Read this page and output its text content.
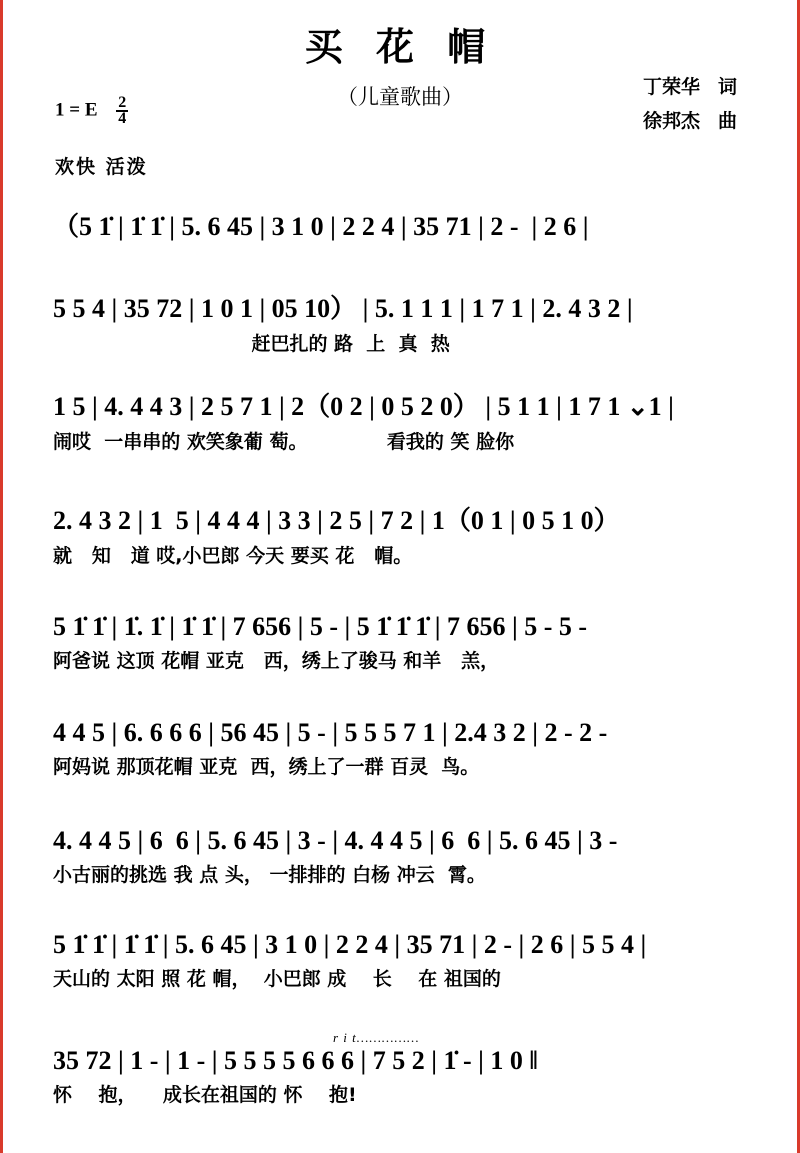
买 花 帽
（儿童歌曲）	丁荣华 词
徐邦杰 曲
1 = E $\frac{2}{4}$
欢快 活泼
（5 1̇ | 1̇ 1̇ | 5. 6 45 | 3 1 0 | 2 2 4 | 35 71 | 2 -  | 2 6 |
5 5 4 | 35 72 | 1 0 1 | 05 10） | 5. 1 1 1 | 1 7 1 | 2. 4 3 2 |
赶巴扎的 路  上  真  热
1 5 | 4. 4 4 3 | 2 5 7 1 | 2（0 2 | 0 5 2 0） | 5 1 1 | 1 7 1 ⌄1 |
闹哎  一串串的 欢笑象葡 萄。            看我的 笑 脸你
2. 4 3 2 | 1  5 | 4 4 4 | 3 3 | 2 5 | 7 2 | 1（0 1 | 0 5 1 0）
就   知   道 哎,小巴郎 今天 要买 花   帽。
5 1̇ 1̇ | 1̇. 1̇ | 1̇ 1̇ | 7 656 | 5 - | 5 1̇ 1̇ 1̇ | 7 656 | 5 - 5 -
阿爸说 这顶 花帽 亚克   西，绣上了骏马 和羊   羔，
4 4 5 | 6. 6 6 6 | 56 45 | 5 - | 5 5 5 7 1 | 2.4 3 2 | 2 - 2 -
阿妈说 那顶花帽 亚克  西，绣上了一群 百灵  鸟。
4. 4 4 5 | 6  6 | 5. 6 45 | 3 - | 4. 4 4 5 | 6  6 | 5. 6 45 | 3 -
小古丽的挑选 我 点 头， 一排排的 白杨 冲云  霄。
5 1̇ 1̇ | 1̇ 1̇ | 5. 6 45 | 3 1 0 | 2 2 4 | 35 71 | 2 - | 2 6 | 5 5 4 |
天山的 太阳 照 花 帽，  小巴郎 成    长    在 祖国的
r i t……………
35 72 | 1 - | 1 - | 5 5 5 5 6 6 6 | 7 5 2 | 1̇ - | 1 0 ‖
怀    抱，    成长在祖国的 怀    抱!
